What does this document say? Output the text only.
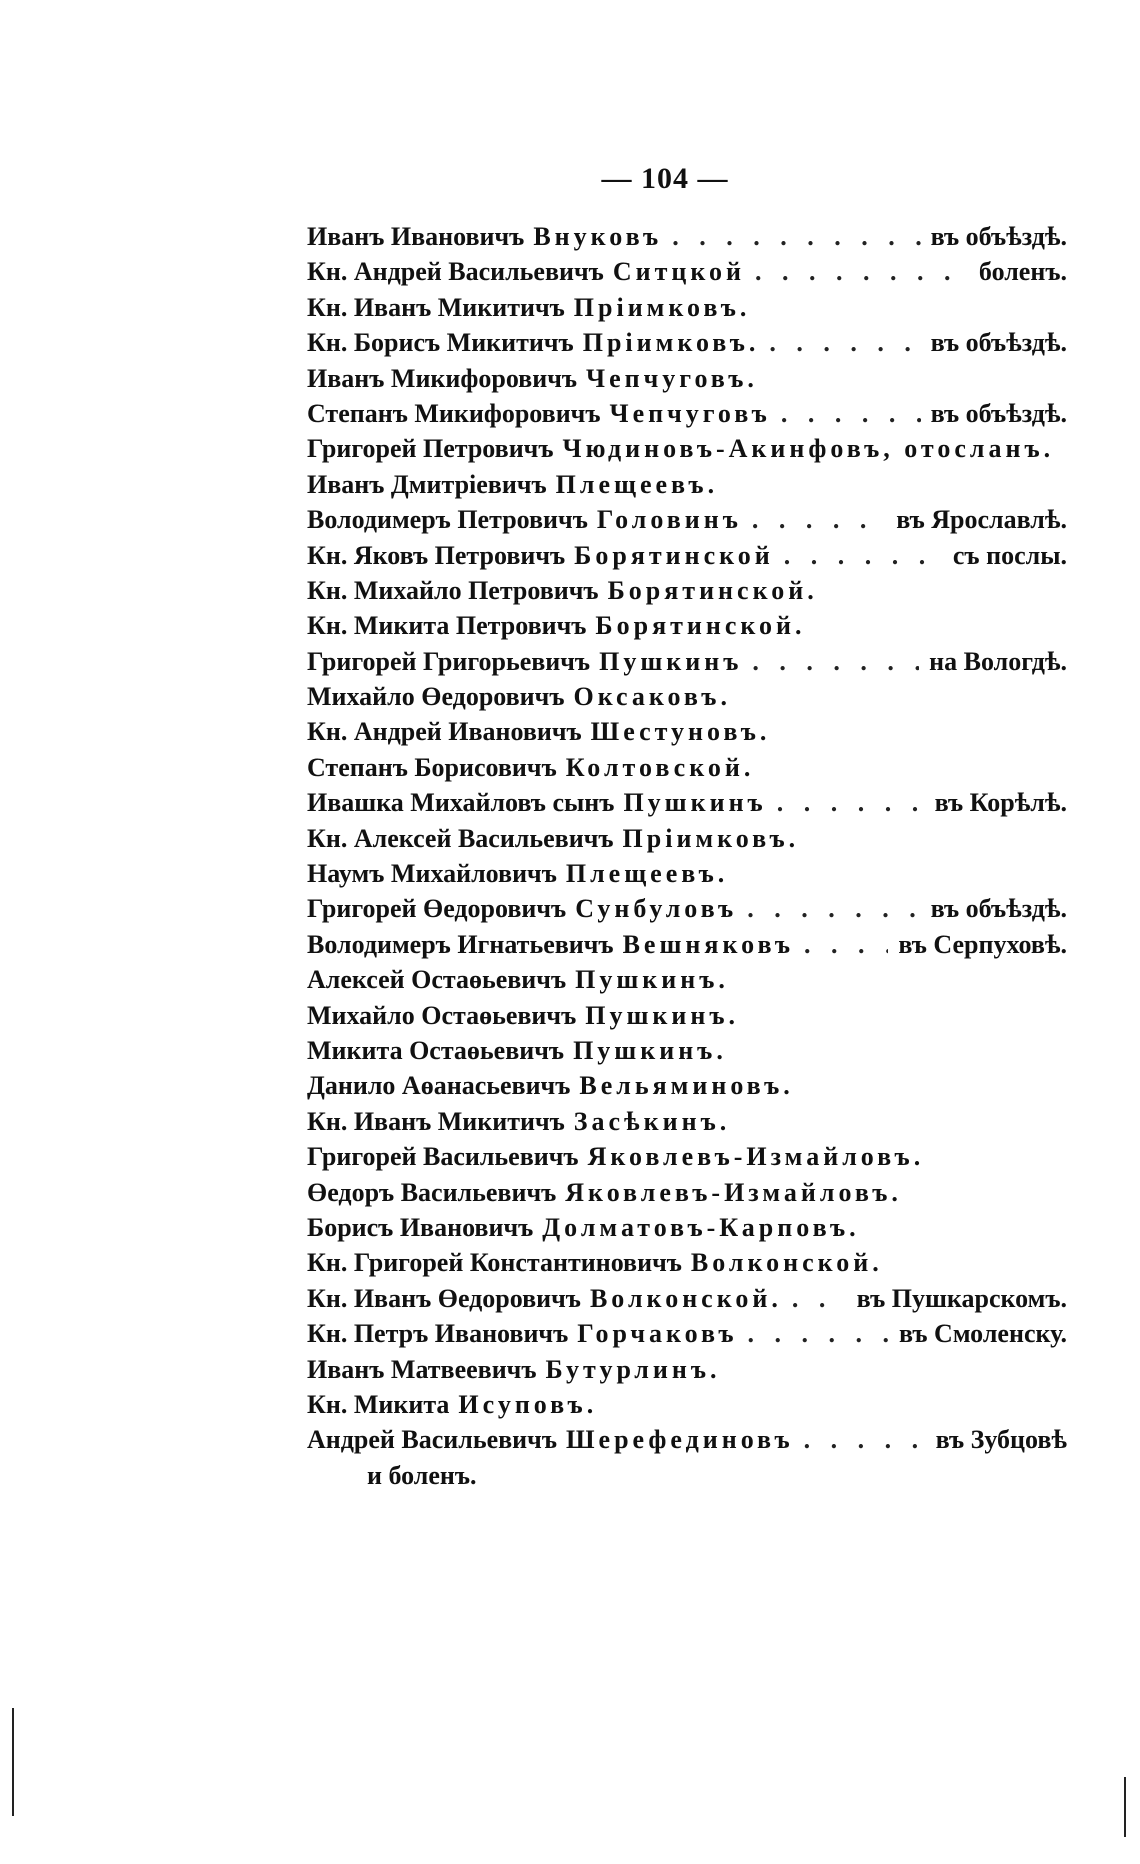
— 104 —
Иванъ Ивановичъ Внуковъ . . .	въ объѣздѣ.
Кн. Андрей Васильевичъ Ситцкой . . .	боленъ.
Кн. Иванъ Микитичъ Прiимковъ.
Кн. Борисъ Микитичъ Прiимковъ. . . .	въ объѣздѣ.
Иванъ Микифоровичъ Чепчуговъ.
Степанъ Микифоровичъ Чепчуговъ . . .	въ объѣздѣ.
Григорей Петровичъ Чюдиновъ-Акинфовъ, отосланъ.
Иванъ Дмитрiевичъ Плещеевъ.
Володимеръ Петровичъ Головинъ . . .	въ Ярославлѣ.
Кн. Яковъ Петровичъ Борятинской . . .	съ послы.
Кн. Михайло Петровичъ Борятинской.
Кн. Микита Петровичъ Борятинской.
Григорей Григорьевичъ Пушкинъ . . .	на Вологдѣ.
Михайло Өедоровичъ Оксаковъ.
Кн. Андрей Ивановичъ Шестуновъ.
Степанъ Борисовичъ Колтовской.
Ивашка Михайловъ сынъ Пушкинъ . . .	въ Корѣлѣ.
Кн. Алексей Васильевичъ Прiимковъ.
Наумъ Михайловичъ Плещеевъ.
Григорей Өедоровичъ Сунбуловъ . . .	въ объѣздѣ.
Володимеръ Игнатьевичъ Вешняковъ . . .	въ Серпуховѣ.
Алексей Остаөьевичъ Пушкинъ.
Михайло Остаөьевичъ Пушкинъ.
Микита Остаөьевичъ Пушкинъ.
Данило Аөанасьевичъ Вельяминовъ.
Кн. Иванъ Микитичъ Засѣкинъ.
Григорей Васильевичъ Яковлевъ-Измайловъ.
Өедоръ Васильевичъ Яковлевъ-Измайловъ.
Борисъ Ивановичъ Долматовъ-Карповъ.
Кн. Григорей Константиновичъ Волконской.
Кн. Иванъ Өедоровичъ Волконской. . . .	въ Пушкарскомъ.
Кн. Петръ Ивановичъ Горчаковъ . . .	въ Смоленску.
Иванъ Матвеевичъ Бутурлинъ.
Кн. Микита Исуповъ.
Андрей Васильевичъ Шерефединовъ . . .	въ Зубцовѣ
и боленъ.
